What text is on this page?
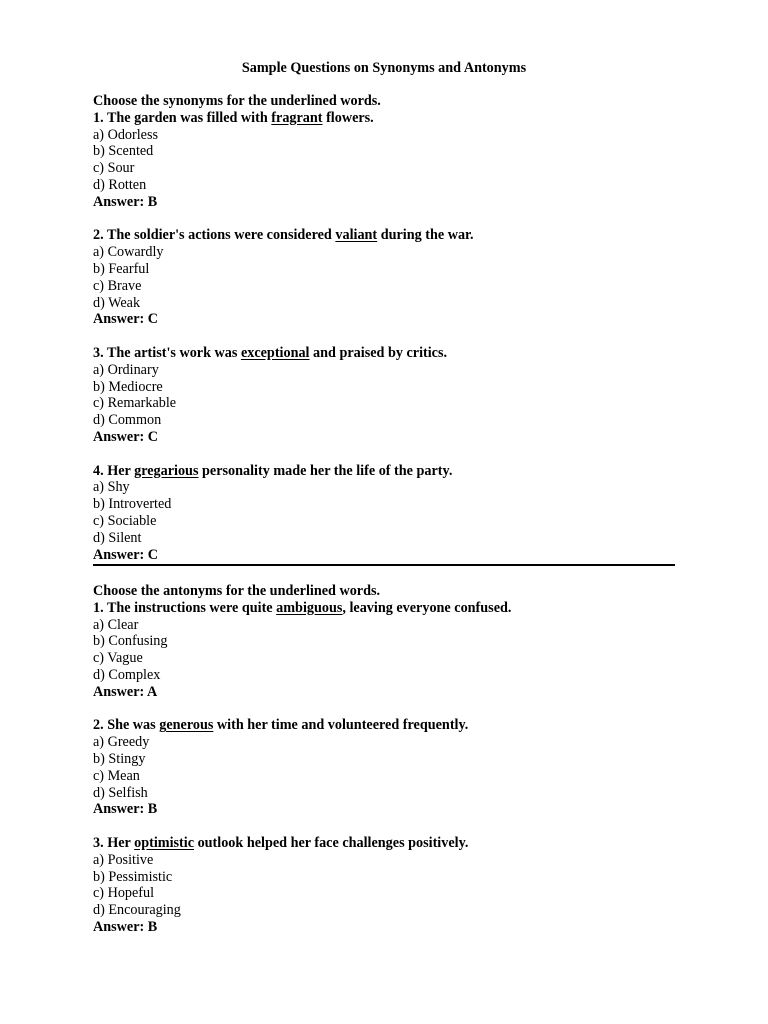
Sample Questions on Synonyms and Antonyms
Choose the synonyms for the underlined words.
1. The garden was filled with fragrant flowers.
a) Odorless
b) Scented
c) Sour
d) Rotten
Answer: B
2. The soldier's actions were considered valiant during the war.
a) Cowardly
b) Fearful
c) Brave
d) Weak
Answer: C
3. The artist's work was exceptional and praised by critics.
a) Ordinary
b) Mediocre
c) Remarkable
d) Common
Answer: C
4. Her gregarious personality made her the life of the party.
a) Shy
b) Introverted
c) Sociable
d) Silent
Answer: C
Choose the antonyms for the underlined words.
1. The instructions were quite ambiguous, leaving everyone confused.
a) Clear
b) Confusing
c) Vague
d) Complex
Answer: A
2. She was generous with her time and volunteered frequently.
a) Greedy
b) Stingy
c) Mean
d) Selfish
Answer: B
3. Her optimistic outlook helped her face challenges positively.
a) Positive
b) Pessimistic
c) Hopeful
d) Encouraging
Answer: B
